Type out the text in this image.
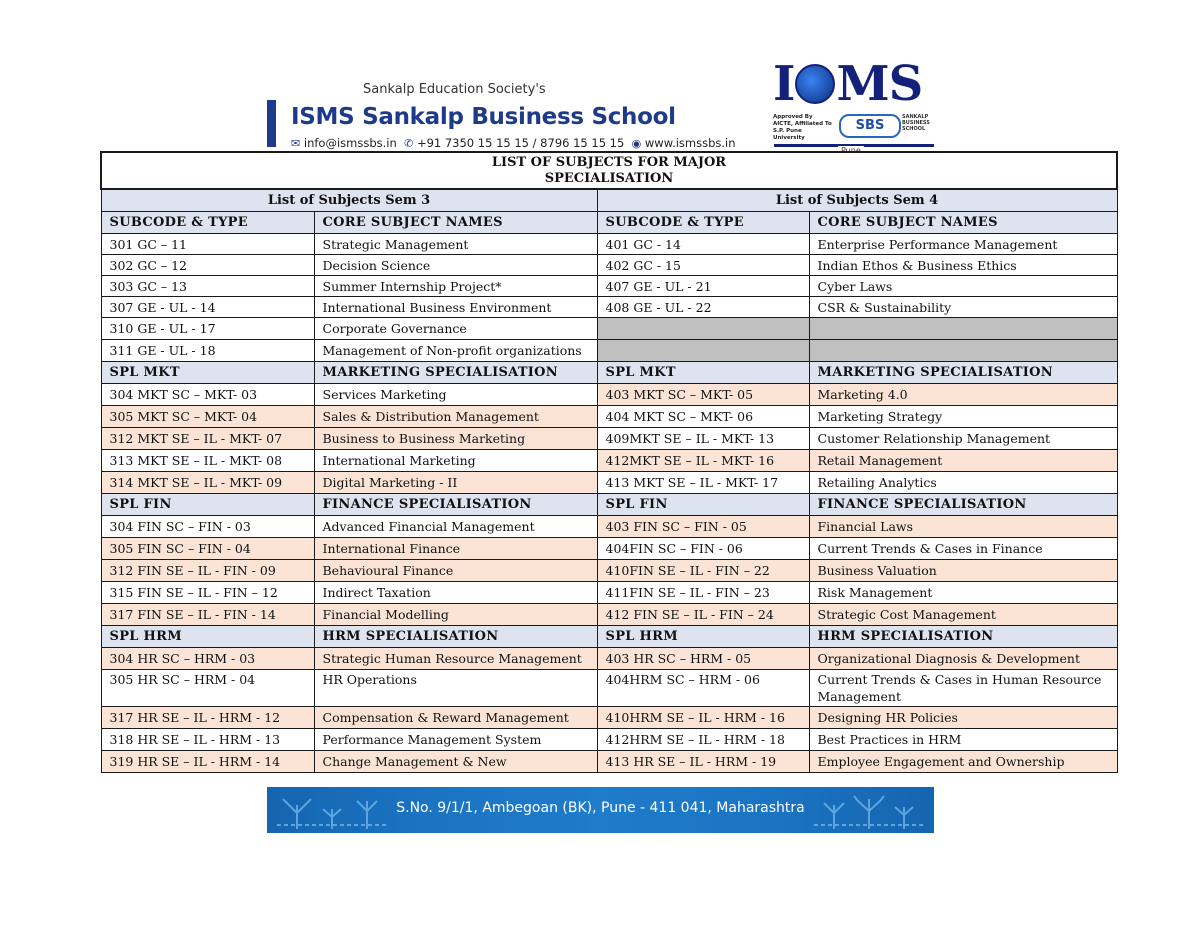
Sankalp Education Society's
ISMS Sankalp Business School
✉ info@ismssbs.in ✆ +91 7350 15 15 15 / 8796 15 15 15 ◉ www.ismssbs.in
I MS
Approved By AICTE, Affiliated To S.P. Pune University
SBS
SANKALP BUSINESS SCHOOL
Pune
LIST OF SUBJECTS FOR MAJOR
SPECIALISATION			

List of Subjects Sem 3		List of Subjects Sem 4	
SUBCODE & TYPE	CORE SUBJECT NAMES	SUBCODE & TYPE	CORE SUBJECT NAMES
301 GC – 11	Strategic Management	401 GC - 14	Enterprise Performance Management
302 GC – 12	Decision Science	402 GC - 15	Indian Ethos & Business Ethics
303 GC – 13	Summer Internship Project*	407 GE - UL - 21	Cyber Laws
307 GE - UL - 14	International Business Environment	408 GE - UL - 22	CSR & Sustainability
310 GE - UL - 17	Corporate Governance		
311 GE - UL - 18	Management of Non-profit organizations		
SPL MKT	MARKETING SPECIALISATION	SPL MKT	MARKETING SPECIALISATION
304 MKT SC – MKT- 03	Services Marketing	403 MKT SC – MKT- 05	Marketing 4.0
305 MKT SC – MKT- 04	Sales & Distribution Management	404 MKT SC – MKT- 06	Marketing Strategy
312 MKT SE – IL - MKT- 07	Business to Business Marketing	409MKT SE – IL - MKT- 13	Customer Relationship Management
313 MKT SE – IL - MKT- 08	International Marketing	412MKT SE – IL - MKT- 16	Retail Management
314 MKT SE – IL - MKT- 09	Digital Marketing - II	413 MKT SE – IL - MKT- 17	Retailing Analytics
SPL FIN	FINANCE SPECIALISATION	SPL FIN	FINANCE SPECIALISATION
304 FIN SC – FIN - 03	Advanced Financial Management	403 FIN SC – FIN - 05	Financial Laws
305 FIN SC – FIN - 04	International Finance	404FIN SC – FIN - 06	Current Trends & Cases in Finance
312 FIN SE – IL - FIN - 09	Behavioural Finance	410FIN SE – IL - FIN – 22	Business Valuation
315 FIN SE – IL - FIN – 12	Indirect Taxation	411FIN SE – IL - FIN – 23	Risk Management
317 FIN SE – IL - FIN - 14	Financial Modelling	412 FIN SE – IL - FIN – 24	Strategic Cost Management
SPL HRM	HRM SPECIALISATION	SPL HRM	HRM SPECIALISATION
304 HR SC – HRM - 03	Strategic Human Resource Management	403 HR SC – HRM - 05	Organizational Diagnosis & Development
305 HR SC – HRM - 04	HR Operations	404HRM SC – HRM - 06	Current Trends & Cases in Human Resource Management
317 HR SE – IL - HRM - 12	Compensation & Reward Management	410HRM SE – IL - HRM - 16	Designing HR Policies
318 HR SE – IL - HRM - 13	Performance Management System	412HRM SE – IL - HRM - 18	Best Practices in HRM
319 HR SE – IL - HRM - 14	Change Management & New	413 HR SE – IL - HRM - 19	Employee Engagement and Ownership
S.No. 9/1/1, Ambegoan (BK), Pune - 411 041, Maharashtra
